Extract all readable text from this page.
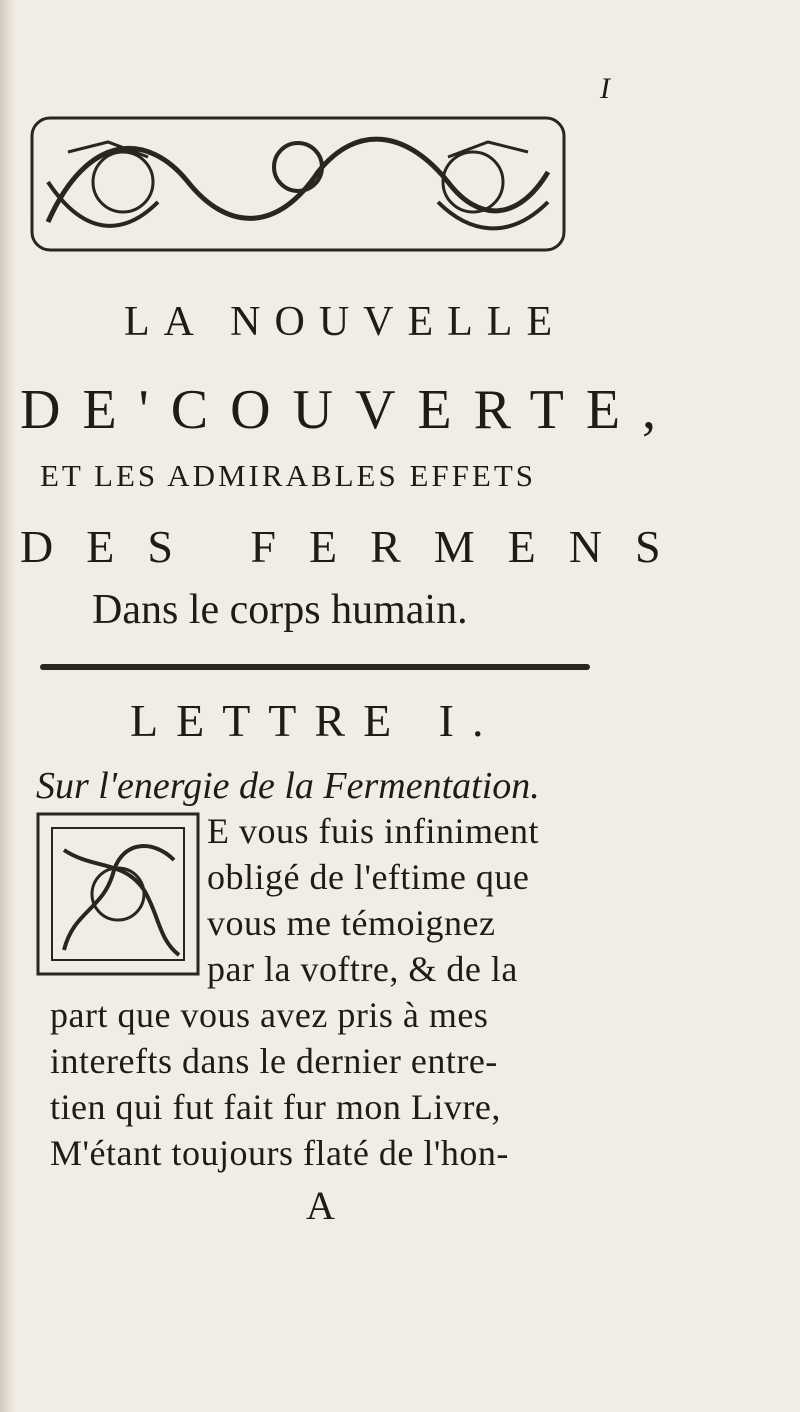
I
LA NOUVELLE
DE'COUVERTE,
ET LES ADMIRABLES EFFETS
DES FERMENS
Dans le corps humain.
LETTRE I.
Sur l'energie de la Fermentation.
E vous fuis infiniment
obligé de l'eftime que
vous me témoignez
par la voftre, & de la
part que vous avez pris à mes
interefts dans le dernier entre-
tien qui fut fait fur mon Livre,
M'étant toujours flaté de l'hon-
A
